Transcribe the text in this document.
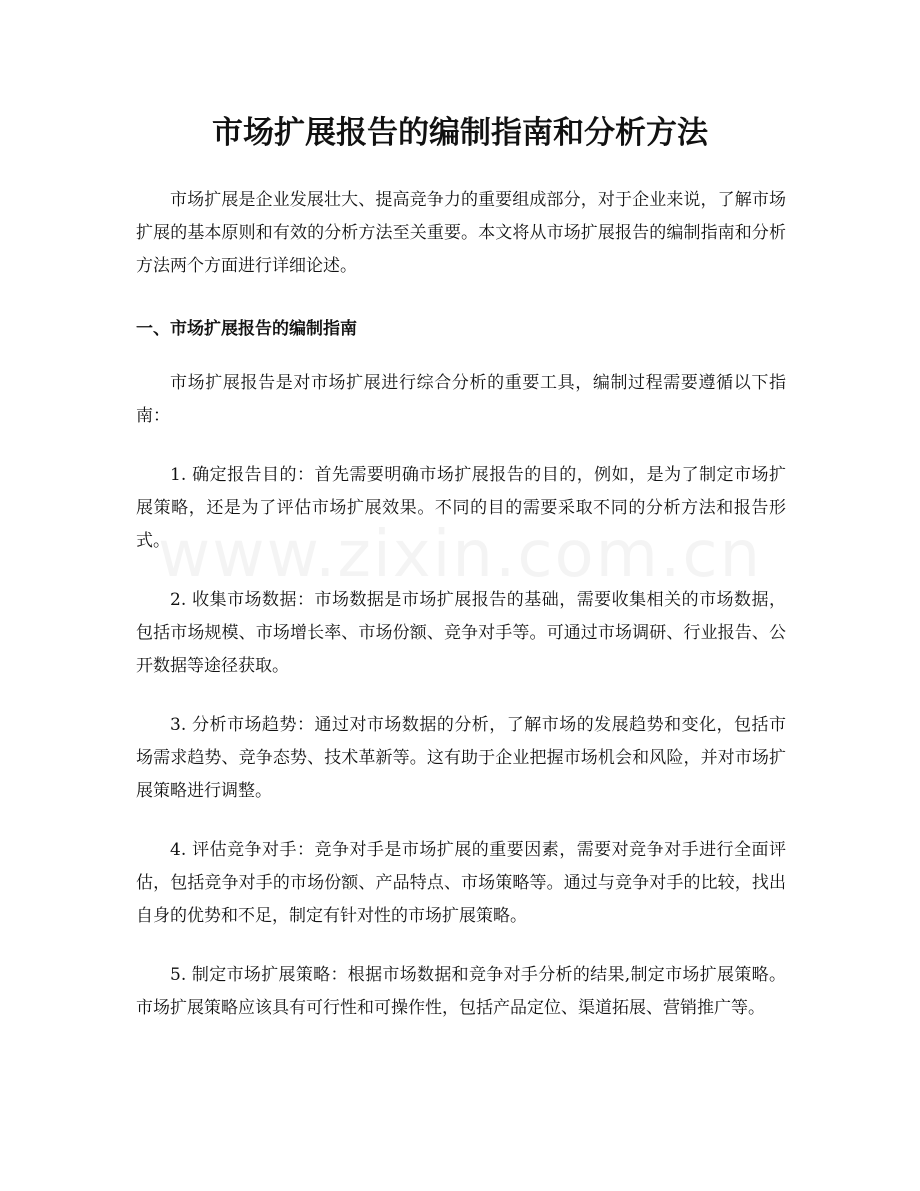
市场扩展报告的编制指南和分析方法

市场扩展是企业发展壮大、提高竞争力的重要组成部分，对于企业来说，了解市场扩展的基本原则和有效的分析方法至关重要。本文将从市场扩展报告的编制指南和分析方法两个方面进行详细论述。

一、市场扩展报告的编制指南

市场扩展报告是对市场扩展进行综合分析的重要工具，编制过程需要遵循以下指南：

1. 确定报告目的：首先需要明确市场扩展报告的目的，例如，是为了制定市场扩展策略，还是为了评估市场扩展效果。不同的目的需要采取不同的分析方法和报告形式。

2. 收集市场数据：市场数据是市场扩展报告的基础，需要收集相关的市场数据，包括市场规模、市场增长率、市场份额、竞争对手等。可通过市场调研、行业报告、公开数据等途径获取。

3. 分析市场趋势：通过对市场数据的分析，了解市场的发展趋势和变化，包括市场需求趋势、竞争态势、技术革新等。这有助于企业把握市场机会和风险，并对市场扩展策略进行调整。

4. 评估竞争对手：竞争对手是市场扩展的重要因素，需要对竞争对手进行全面评估，包括竞争对手的市场份额、产品特点、市场策略等。通过与竞争对手的比较，找出自身的优势和不足，制定有针对性的市场扩展策略。

5. 制定市场扩展策略：根据市场数据和竞争对手分析的结果,制定市场扩展策略。市场扩展策略应该具有可行性和可操作性，包括产品定位、渠道拓展、营销推广等。
